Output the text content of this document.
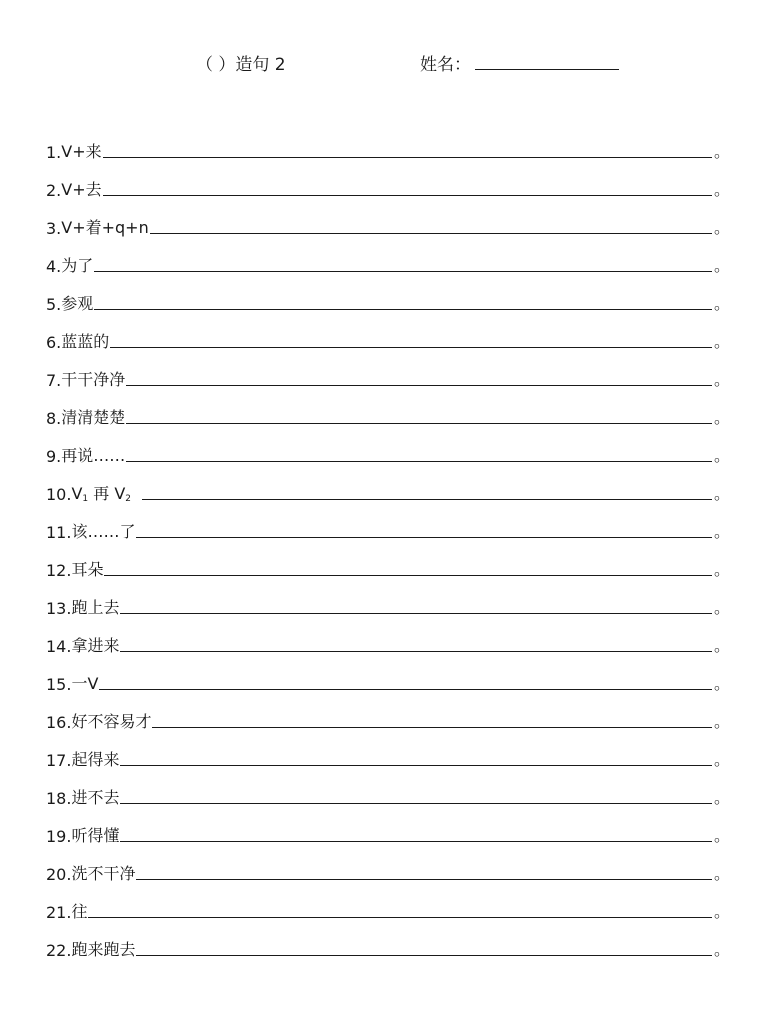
（ ）造句 2	姓名：
1. V+来	。
2. V+去	。
3. V+着+q+n	。
4. 为了	。
5. 参观	。
6. 蓝蓝的	。
7. 干干净净	。
8. 清清楚楚	。
9. 再说……	。
10. $V_1$ 再 $V_2$	。
11. 该……了	。
12. 耳朵	。
13. 跑上去	。
14. 拿进来	。
15. 一V	。
16. 好不容易才	。
17. 起得来	。
18. 进不去	。
19. 听得懂	。
20. 洗不干净	。
21. 往	。
22. 跑来跑去	。
